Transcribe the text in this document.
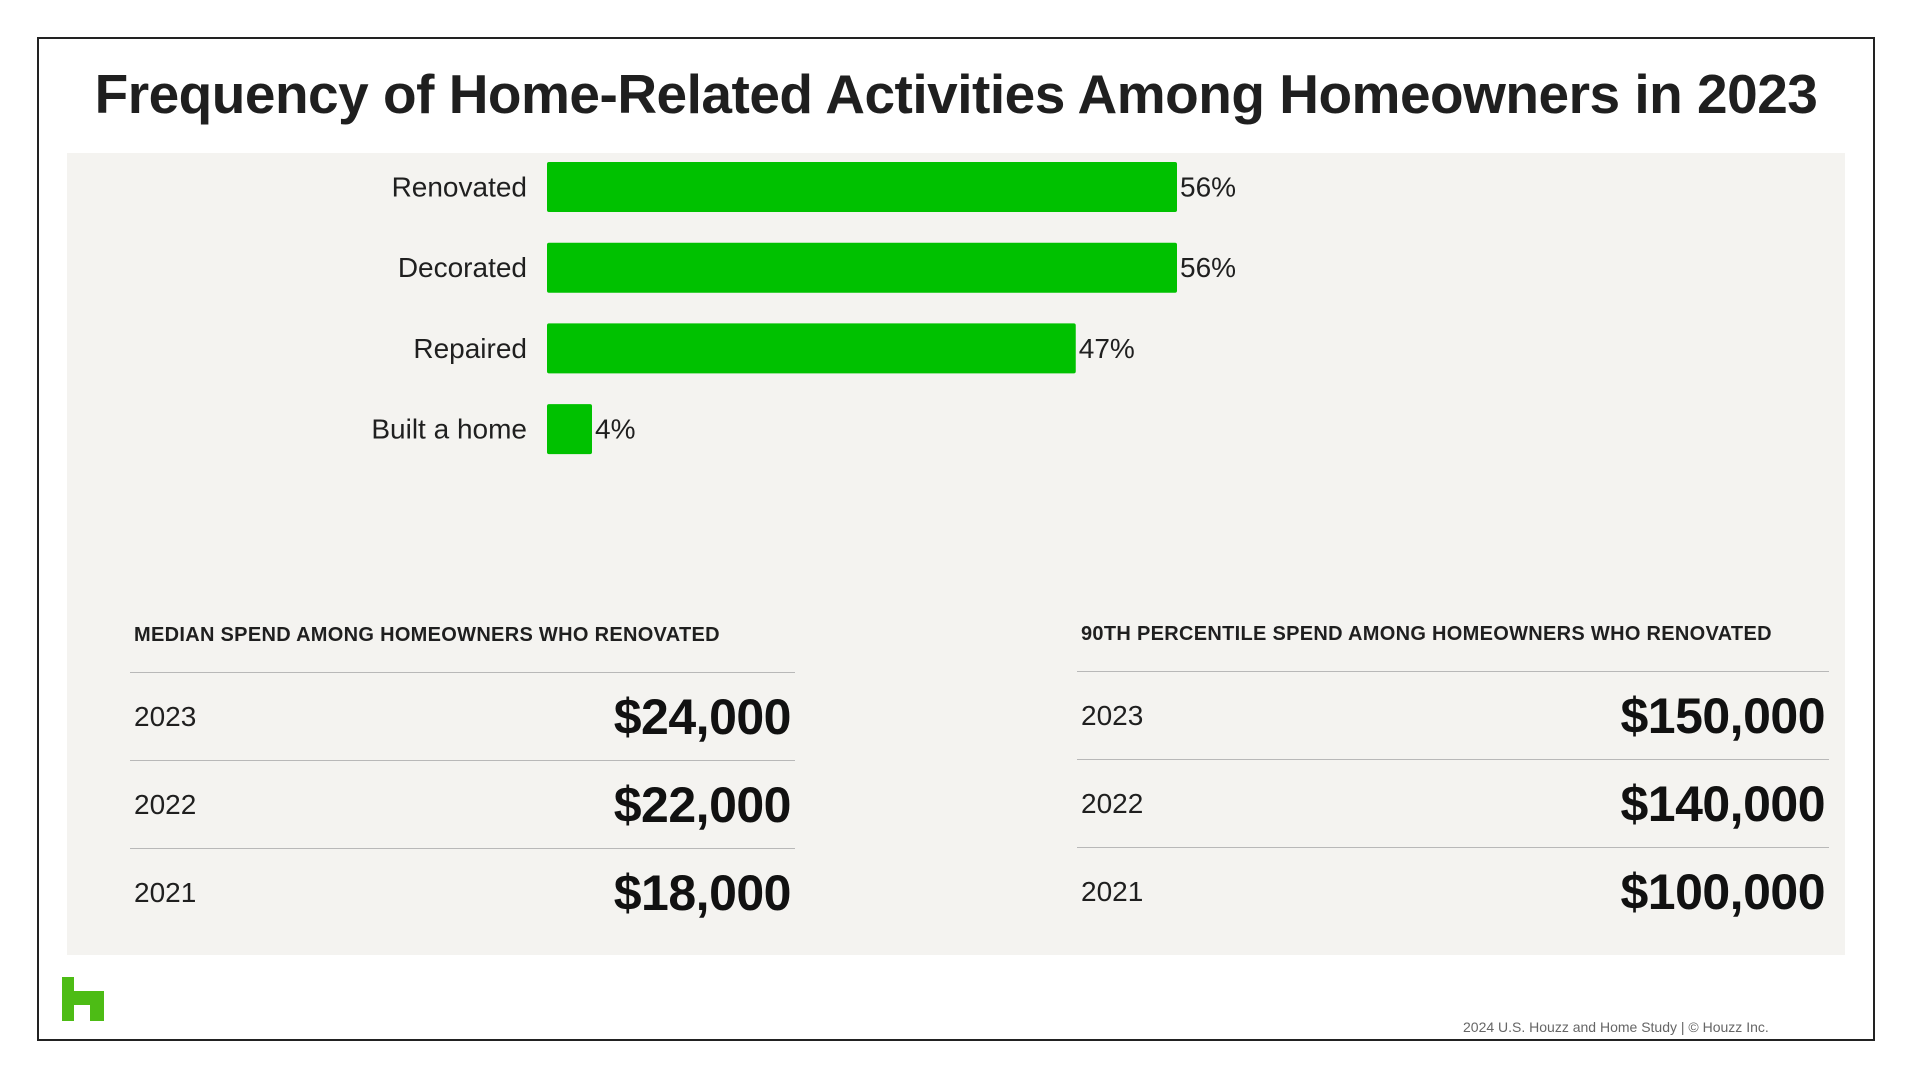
Frequency of Home-Related Activities Among Homeowners in 2023
Renovated	56%
Decorated	56%
Repaired	47%
Built a home 4%
MEDIAN SPEND AMONG HOMEOWNERS WHO RENOVATED
2023	$24,000
2022	$22,000
2021	$18,000
90TH PERCENTILE SPEND AMONG HOMEOWNERS WHO RENOVATED
2023	$150,000
2022	$140,000
2021	$100,000
2024 U.S. Houzz and Home Study | © Houzz Inc.
